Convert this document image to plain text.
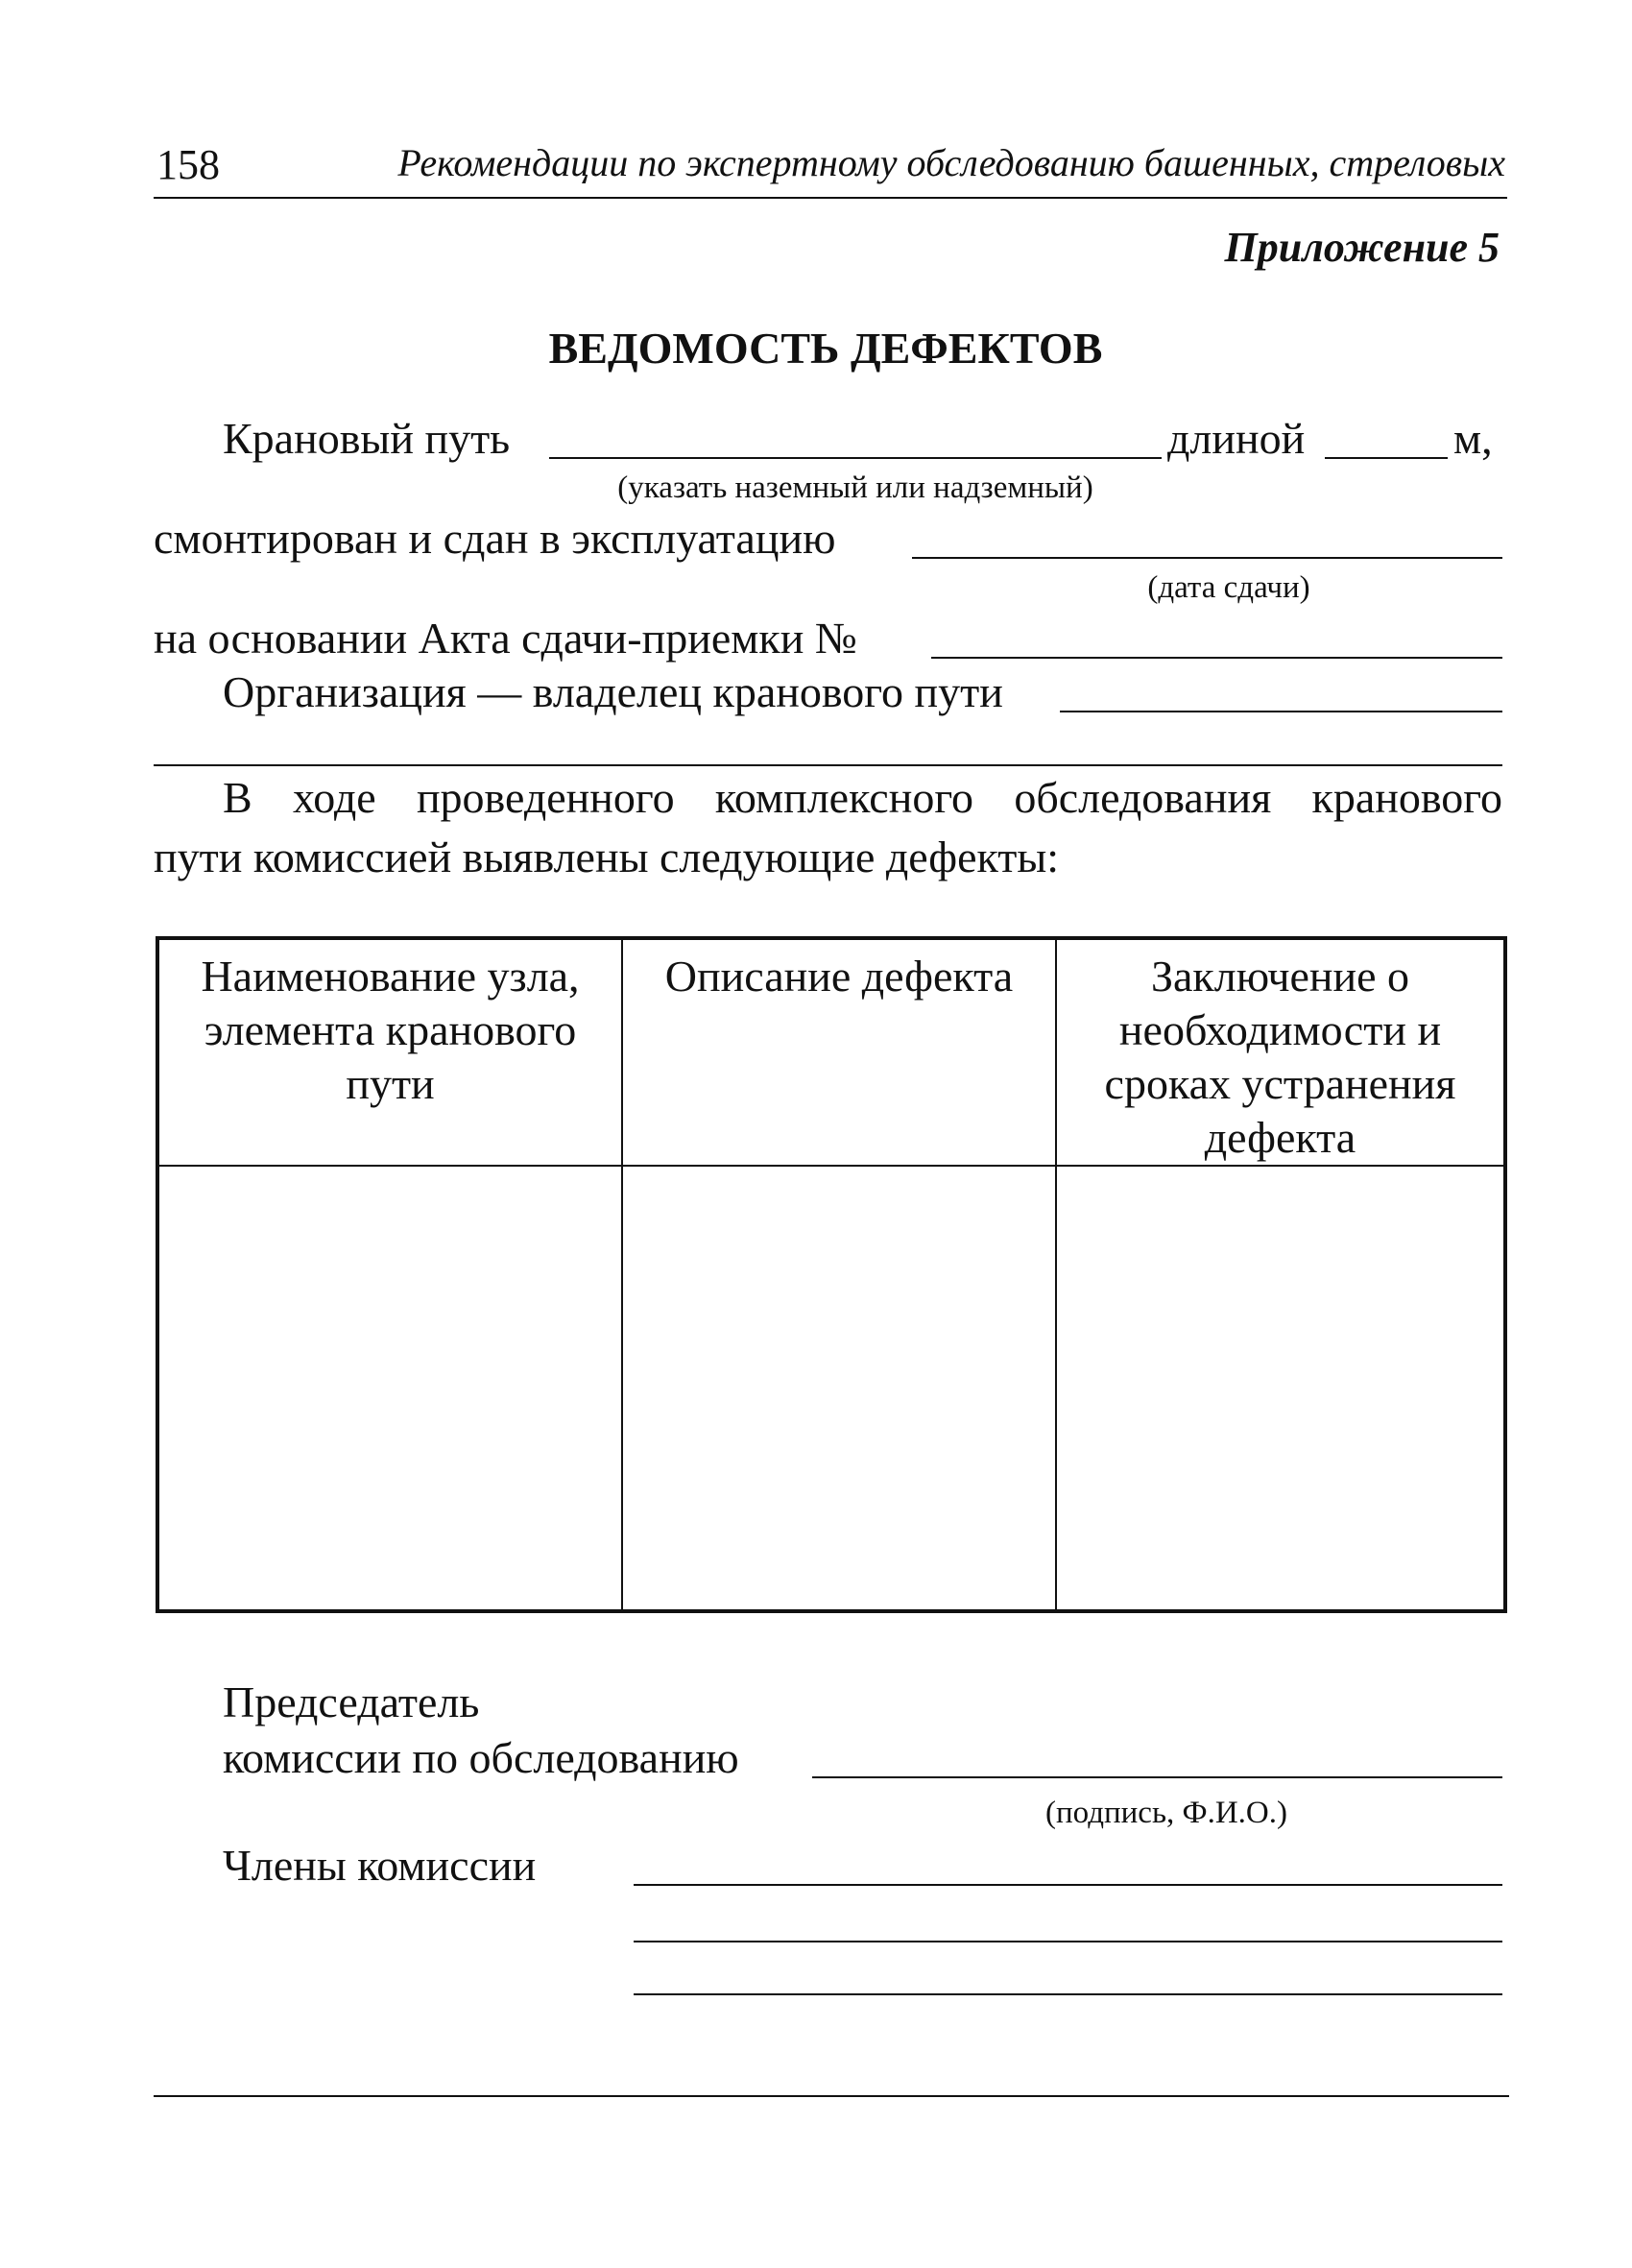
158	Рекомендации по экспертному обследованию башенных, стреловых
Приложение 5
ВЕДОМОСТЬ ДЕФЕКТОВ
Крановый путь	длиной	м,
(указать наземный или надземный)
смонтирован и сдан в эксплуатацию
(дата сдачи)
на основании Акта сдачи-приемки №
Организация — владелец кранового пути
В ходе проведенного комплексного обследования кранового
пути комиссией выявлены следующие дефекты:
Наименование узла, элемента кранового пути	Описание дефекта	Заключение о необходимости и сроках устранения дефекта

Председатель
комиссии по обследованию
(подпись, Ф.И.О.)
Члены комиссии
